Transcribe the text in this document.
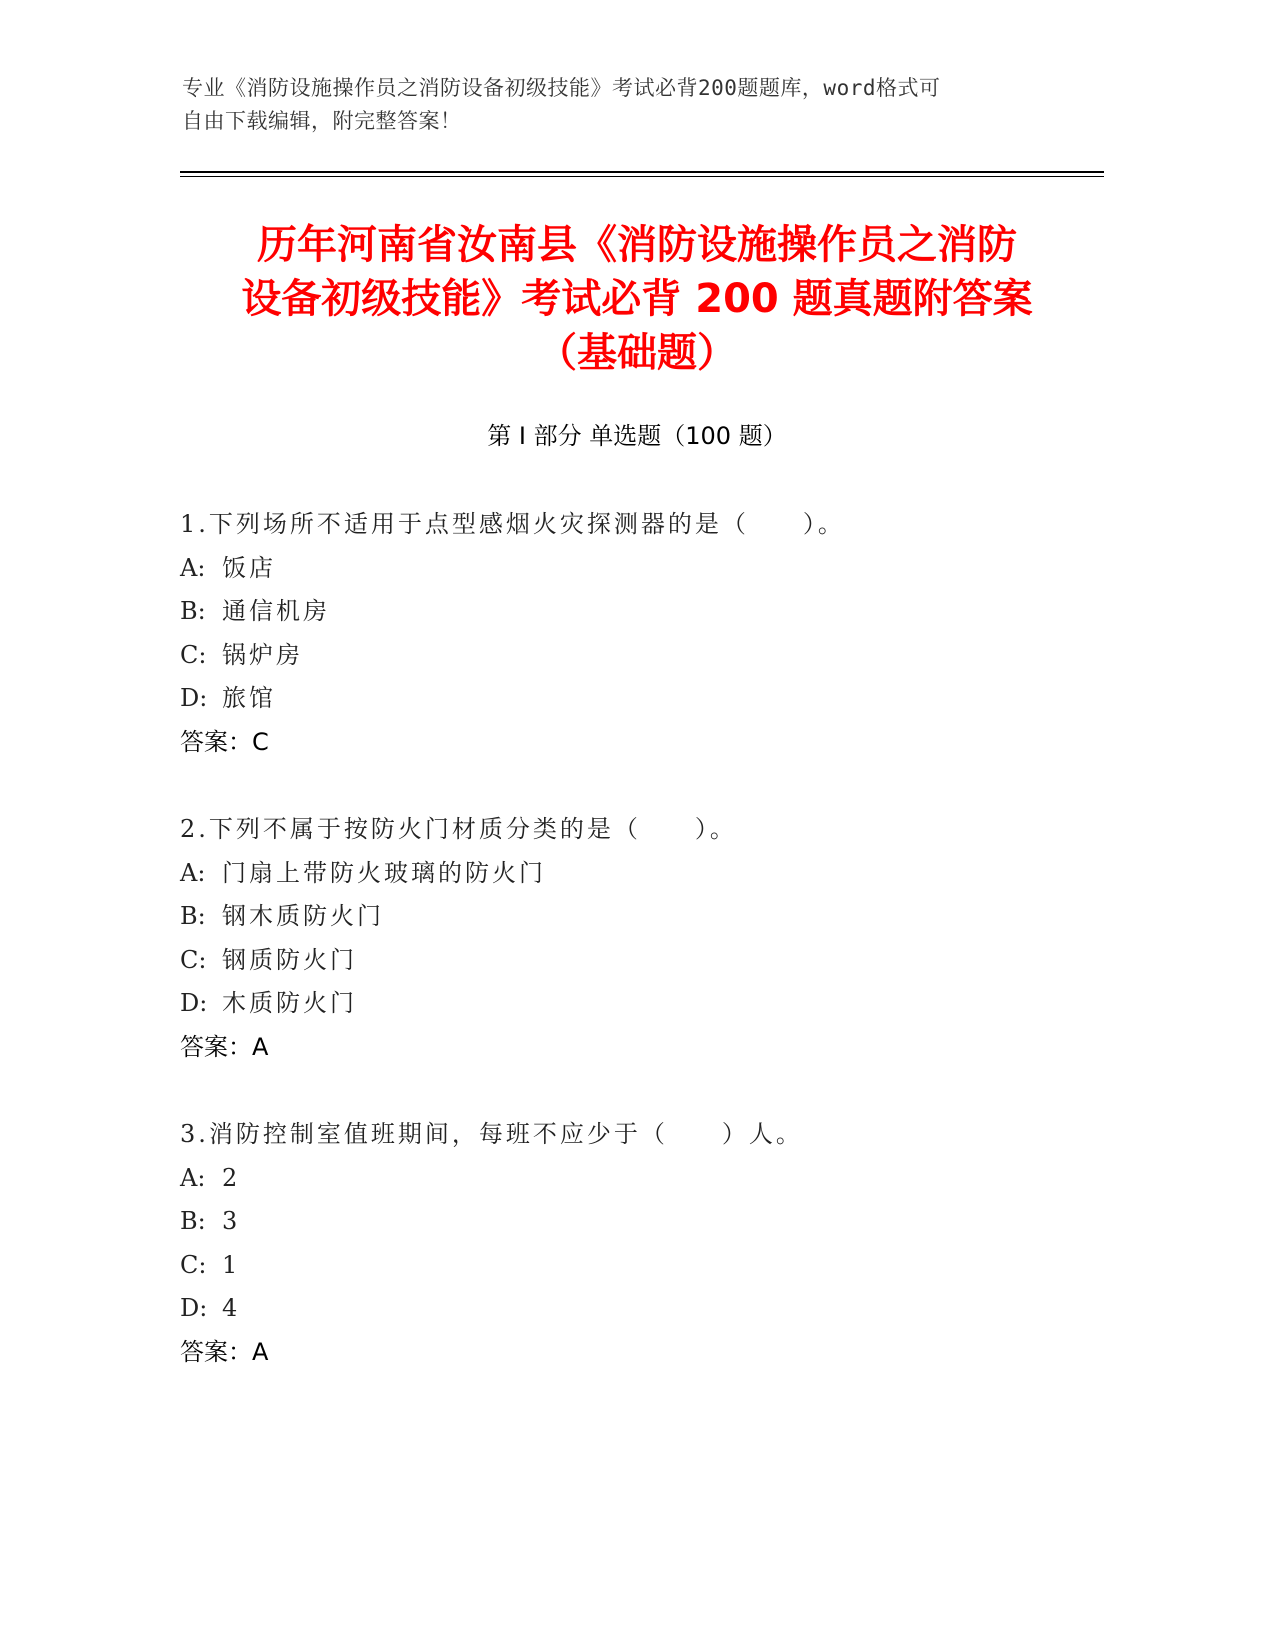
专业《消防设施操作员之消防设备初级技能》考试必背200题题库，word格式可
自由下载编辑，附完整答案！
历年河南省汝南县《消防设施操作员之消防
设备初级技能》考试必背 200 题真题附答案
（基础题）
第 I 部分 单选题（100 题）
1.下列场所不适用于点型感烟火灾探测器的是（　　）。
A: 饭店
B: 通信机房
C: 锅炉房
D: 旅馆
答案：C
2.下列不属于按防火门材质分类的是（　　）。
A: 门扇上带防火玻璃的防火门
B: 钢木质防火门
C: 钢质防火门
D: 木质防火门
答案：A
3.消防控制室值班期间，每班不应少于（　　）人。
A: 2
B: 3
C: 1
D: 4
答案：A
